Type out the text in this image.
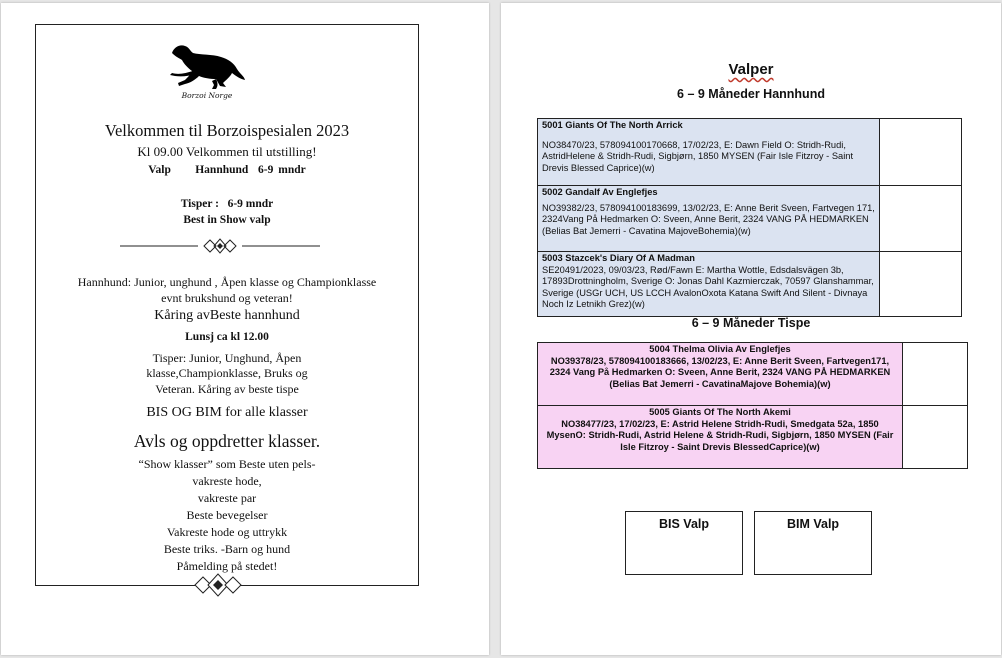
Borzoi Norge
Velkommen til Borzoispesialen 2023
Kl 09.00 Velkommen til utstilling!
Valp     Hannhund  6-9 mndr
Tisper :   6-9 mndr
Best in Show valp
Hannhund: Junior, unghund , Åpen klasse og Championklasse evnt brukshund og veteran!
Kåring avBeste hannhund
Lunsj ca kl 12.00
Tisper: Junior, Unghund, Åpen klasse,Championklasse, Bruks og Veteran. Kåring av beste tispe
BIS OG BIM for alle klasser
Avls og oppdretter klasser.
“Show klasser” som Beste uten pels-
vakreste hode,
vakreste par
Beste bevegelser
Vakreste hode og uttrykk
Beste triks. -Barn og hund
Påmelding på stedet!
Valper
6 – 9 Måneder Hannhund
5001 Giants Of The North Arrick
NO38470/23, 578094100170668, 17/02/23, E: Dawn Field O: Stridh-Rudi, AstridHelene & Stridh-Rudi, Sigbjørn, 1850 MYSEN (Fair Isle Fitzroy - Saint Drevis Blessed Caprice)(w)	

5002 Gandalf Av Englefjes
NO39382/23, 578094100183699, 13/02/23, E: Anne Berit Sveen, Fartvegen 171, 2324Vang På Hedmarken O: Sveen, Anne Berit, 2324 VANG PÅ HEDMARKEN (Belias Bat Jemerri - Cavatina MajoveBohemia)(w)	

5003 Stazcek's Diary Of A Madman
SE20491/2023, 09/03/23, Rød/Fawn E: Martha Wottle, Edsdalsvägen 3b, 17893Drottningholm, Sverige O: Jonas Dahl Kazmierczak, 70597 Glanshammar, Sverige (USGr UCH, US LCCH AvalonOxota Katana Swift And Silent - Divnaya Noch Iz Letnikh Grez)(w)	

6 – 9 Måneder Tispe
5004 Thelma Olivia Av Englefjes
NO39378/23, 578094100183666, 13/02/23, E: Anne Berit Sveen, Fartvegen171, 2324 Vang På Hedmarken O: Sveen, Anne Berit, 2324 VANG PÅ HEDMARKEN (Belias Bat Jemerri - CavatinaMajove Bohemia)(w)	

5005 Giants Of The North Akemi
NO38477/23, 17/02/23, E: Astrid Helene Stridh-Rudi, Smedgata 52a, 1850 MysenO: Stridh-Rudi, Astrid Helene & Stridh-Rudi, Sigbjørn, 1850 MYSEN (Fair Isle Fitzroy - Saint Drevis BlessedCaprice)(w)	

BIS Valp	BIM Valp
